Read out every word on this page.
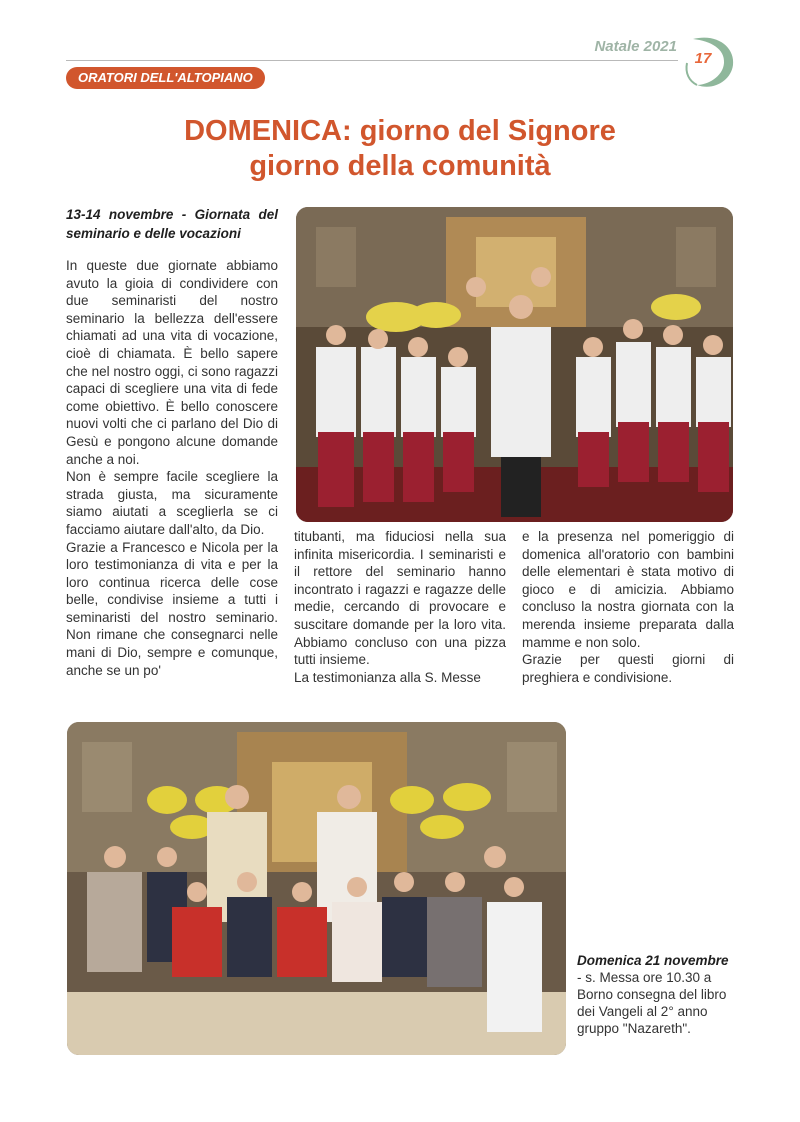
Natale 2021
17
ORATORI DELL'ALTOPIANO
DOMENICA: giorno del Signore
giorno della comunità
13-14 novembre - Giornata del seminario e delle vocazioni

In queste due giornate abbiamo avuto la gioia di condividere con due seminaristi del nostro seminario la bellezza dell'essere chiamati ad una vita di vocazione, cioè di chiamata. È bello sapere che nel nostro oggi, ci sono ragazzi capaci di scegliere una vita di fede come obiettivo. È bello conoscere nuovi volti che ci parlano del Dio di Gesù e pongono alcune domande anche a noi.

Non è sempre facile scegliere la strada giusta, ma sicuramente siamo aiutati a sceglierla se ci facciamo aiutare dall'alto, da Dio.

Grazie a Francesco e Nicola per la loro testimonianza di vita e per la loro continua ricerca delle cose belle, condivise insieme a tutti i seminaristi del nostro seminario. Non rimane che consegnarci nelle mani di Dio, sempre e comunque, anche se un po'

titubanti, ma fiduciosi nella sua infinita misericordia. I seminaristi e il rettore del seminario hanno incontrato i ragazzi e ragazze delle medie, cercando di provocare e suscitare domande per la loro vita. Abbiamo concluso con una pizza tutti insieme.

La testimonianza alla S. Messe

e la presenza nel pomeriggio di domenica all'oratorio con bambini delle elementari è stata motivo di gioco e di amicizia. Abbiamo concluso la nostra giornata con la merenda insieme preparata dalla mamme e non solo.

Grazie per questi giorni di preghiera e condivisione.

Domenica 21 novembre
- s. Messa ore 10.30 a Borno consegna del libro dei Vangeli al 2° anno gruppo "Nazareth".
